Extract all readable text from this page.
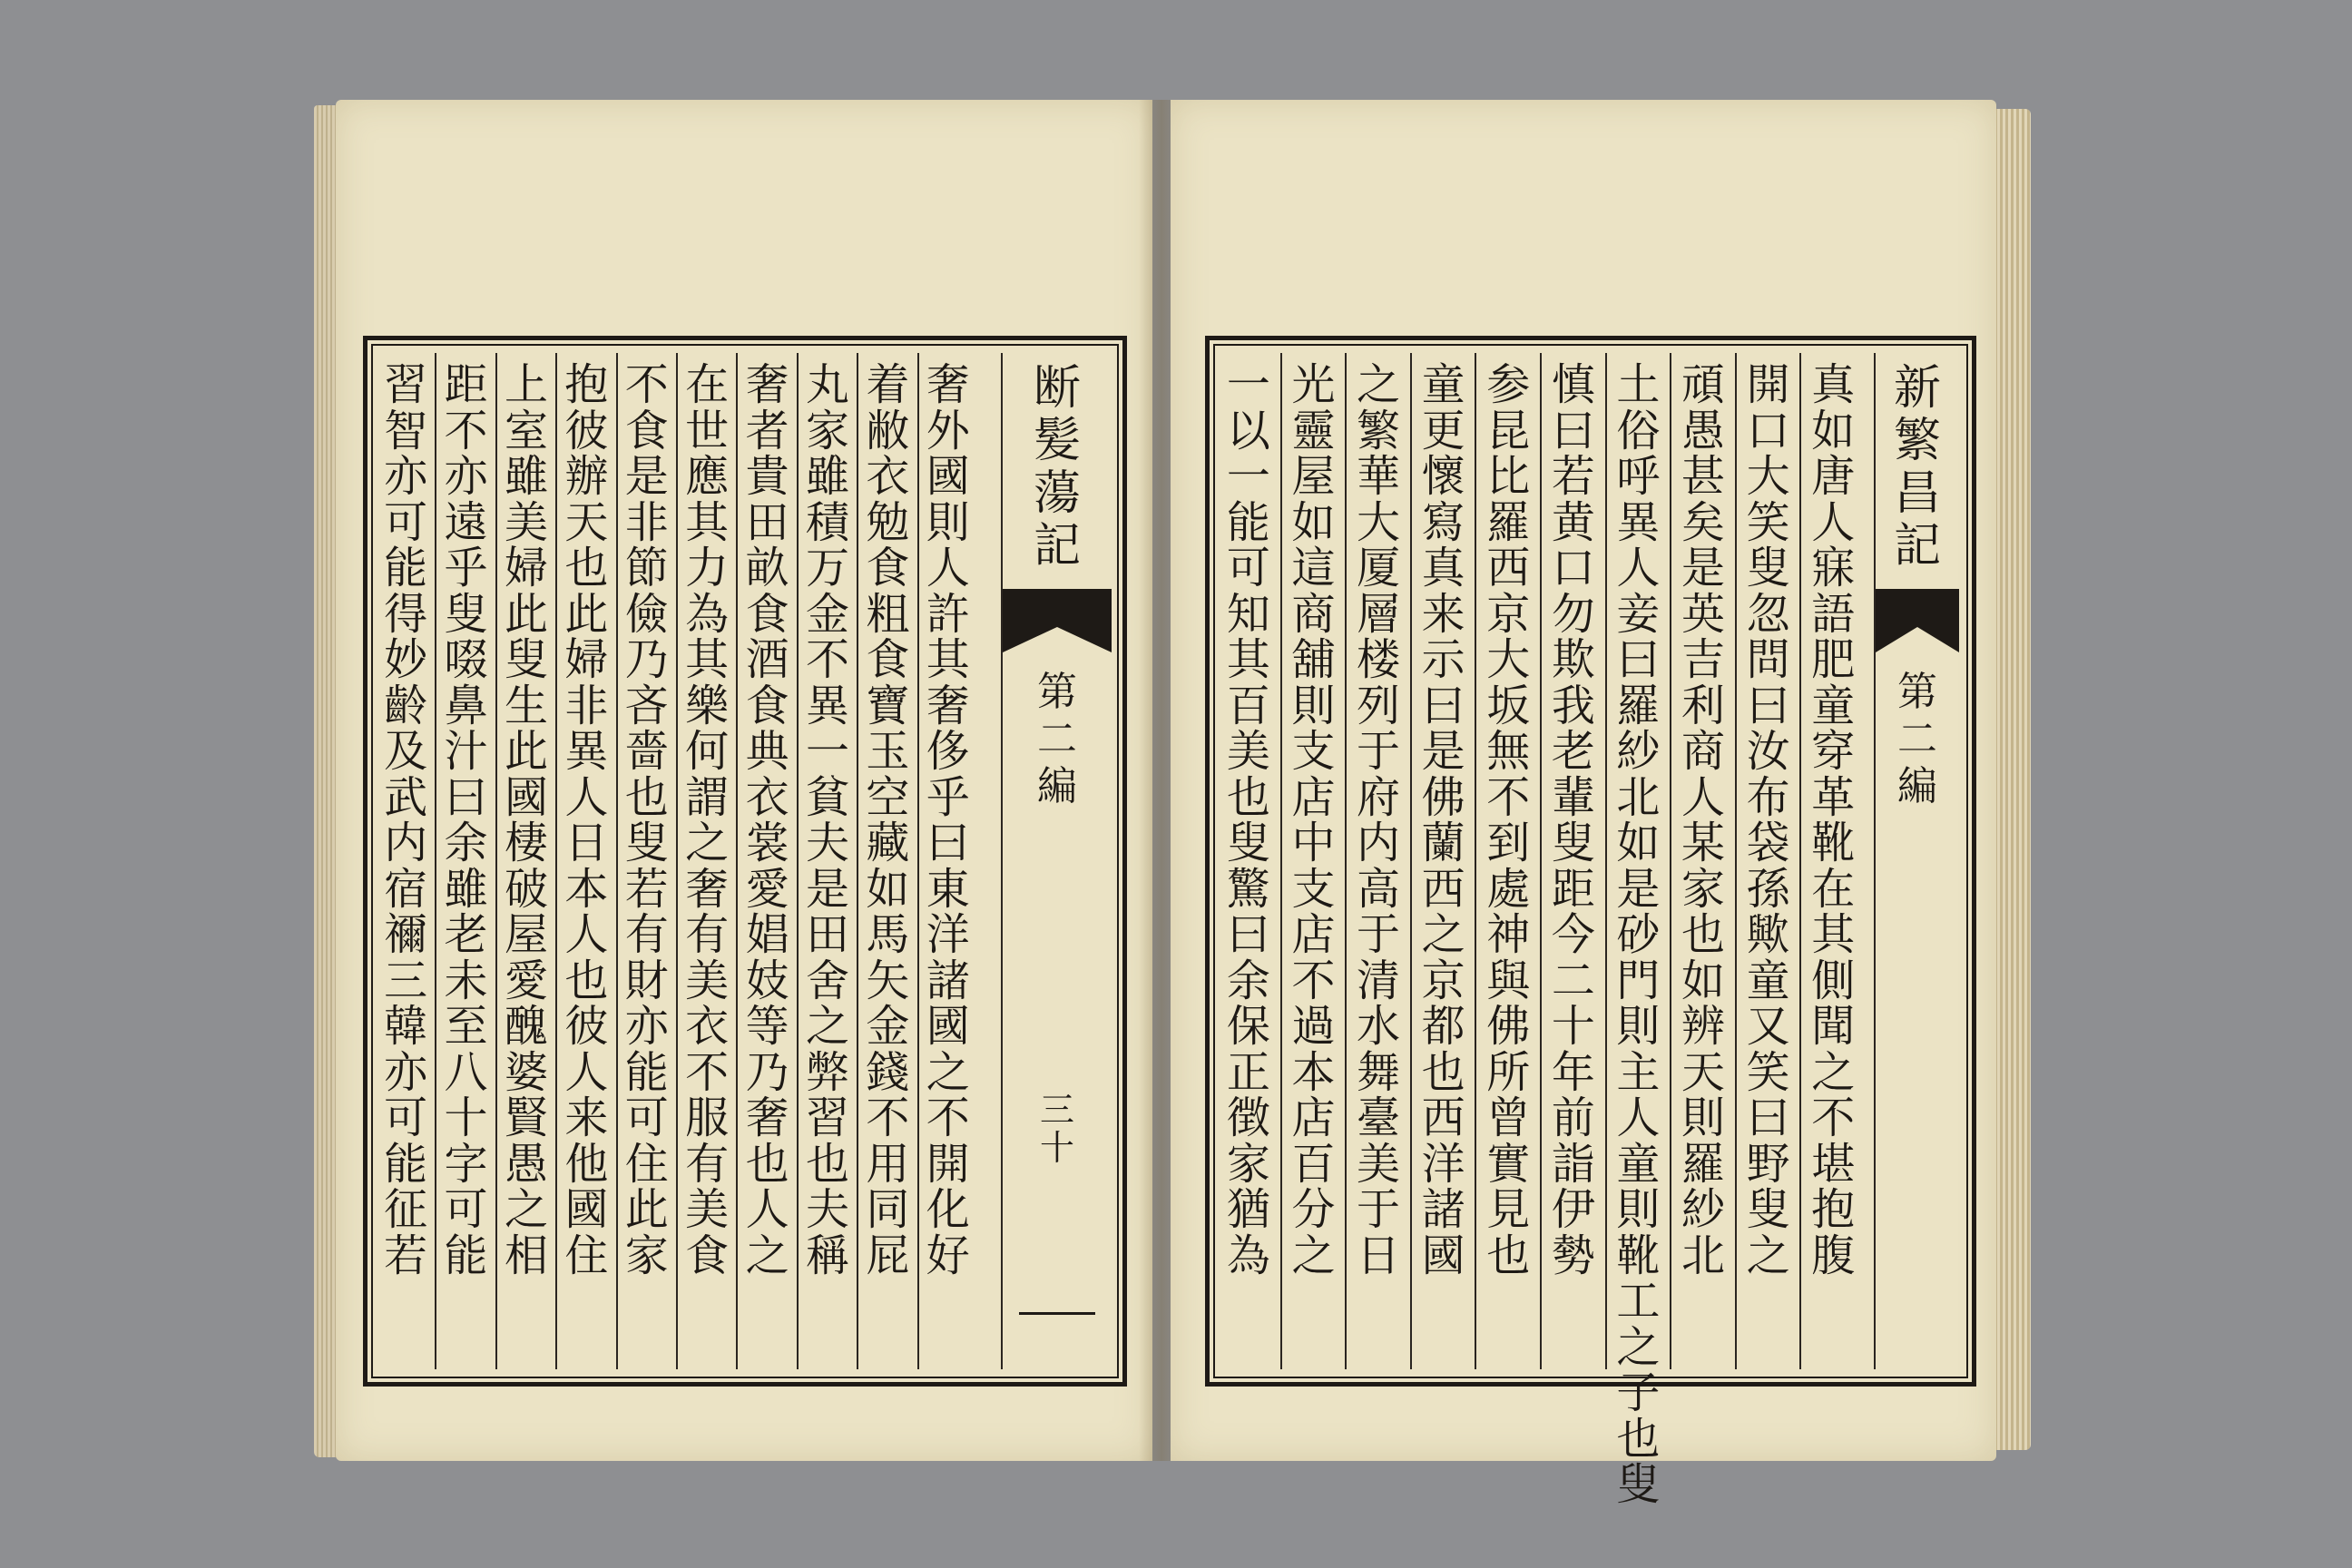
奢
外
國
則
人
許
其
奢
侈
乎
曰
東
洋
諸
國
之
不
開
化
好
着
敝
衣
勉
食
粗
食
寶
玉
空
藏
如
馬
矢
金
錢
不
用
同
屁
丸
家
雖
積
万
金
不
異
一
貧
夫
是
田
舍
之
弊
習
也
夫
稱
奢
者
貴
田
畝
食
酒
食
典
衣
裳
愛
娼
妓
等
乃
奢
也
人
之
在
世
應
其
力
為
其
樂
何
謂
之
奢
有
美
衣
不
服
有
美
食
不
食
是
非
節
儉
乃
吝
嗇
也
叟
若
有
財
亦
能
可
住
此
家
抱
彼
辦
天
也
此
婦
非
異
人
日
本
人
也
彼
人
来
他
國
住
上
室
雖
美
婦
此
叟
生
此
國
棲
破
屋
愛
醜
婆
賢
愚
之
相
距
不
亦
遠
乎
叟
啜
鼻
汁
曰
余
雖
老
未
至
八
十
字
可
能
習
智
亦
可
能
得
妙
齡
及
武
内
宿
禰
三
韓
亦
可
能
征
若
断
髪
蕩
記
第
二
編
三
十
真
如
唐
人
寐
語
肥
童
穿
革
靴
在
其
側
聞
之
不
堪
抱
腹
開
口
大
笑
叟
忽
問
曰
汝
布
袋
孫
歟
童
又
笑
曰
野
叟
之
頑
愚
甚
矣
是
英
吉
利
商
人
某
家
也
如
辨
天
則
羅
紗
北
土
俗
呼
異
人
妾
曰
羅
紗
北
如
是
砂
門
則
主
人
童
則
靴
工
之
子
也
叟
慎
曰
若
黄
口
勿
欺
我
老
輩
叟
距
今
二
十
年
前
詣
伊
勢
参
昆
比
羅
西
京
大
坂
無
不
到
處
神
與
佛
所
曾
實
見
也
童
更
懷
寫
真
来
示
曰
是
佛
蘭
西
之
京
都
也
西
洋
諸
國
之
繁
華
大
厦
層
楼
列
于
府
内
高
于
清
水
舞
臺
美
于
日
光
靈
屋
如
這
商
舖
則
支
店
中
支
店
不
過
本
店
百
分
之
一
以
一
能
可
知
其
百
美
也
叟
驚
曰
余
保
正
徴
家
猶
為
新
繁
昌
記
第
二
編
